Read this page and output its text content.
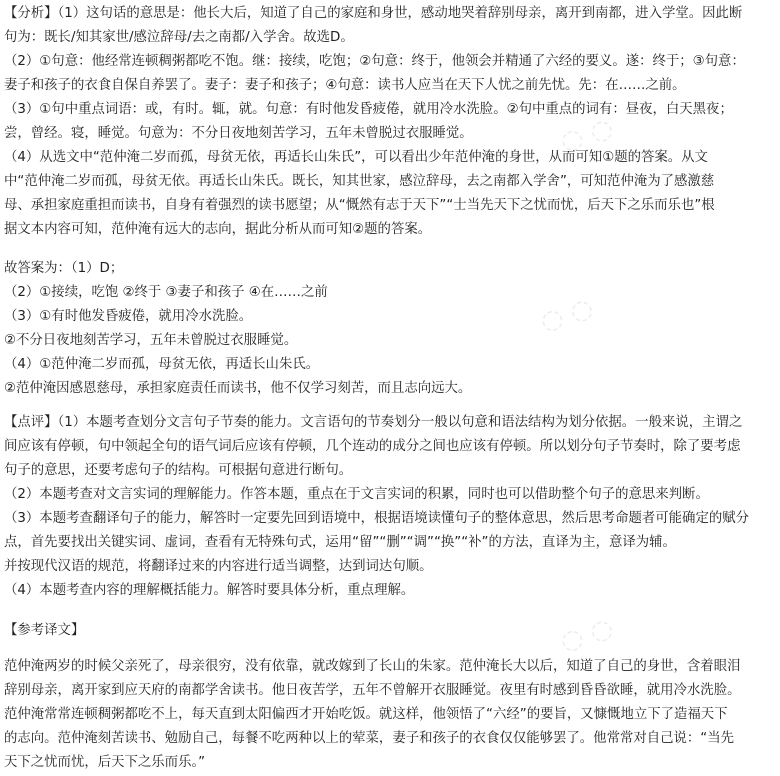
◌ ◌
◌ ◌
◌ ◌
【分析】（1）这句话的意思是：他长大后，知道了自己的家庭和身世，感动地哭着辞别母亲，离开到南都，进入学堂。因此断
句为：既长/知其家世/感泣辞母/去之南都/入学舍。故选D。
（2）①句意：他经常连顿稠粥都吃不饱。继：接续，吃饱；②句意：终于，他领会并精通了六经的要义。遂：终于；③句意：
妻子和孩子的衣食自保自养罢了。妻子：妻子和孩子；④句意：读书人应当在天下人忧之前先忧。先：在……之前。
（3）①句中重点词语：或，有时。辄，就。句意：有时他发昏疲倦，就用冷水洗脸。②句中重点的词有：昼夜，白天黑夜；
尝，曾经。寝，睡觉。句意为：不分日夜地刻苦学习，五年未曾脱过衣服睡觉。
（4）从选文中“范仲淹二岁而孤，母贫无依，再适长山朱氏”，可以看出少年范仲淹的身世，从而可知①题的答案。从文
中“范仲淹二岁而孤，母贫无依。再适长山朱氏。既长，知其世家，感泣辞母，去之南都入学舍”，可知范仲淹为了感激慈
母、承担家庭重担而读书，自身有着强烈的读书愿望；从“慨然有志于天下”“士当先天下之忧而忧，后天下之乐而乐也”根
据文本内容可知，范仲淹有远大的志向，据此分析从而可知②题的答案。
故答案为：（1）D；
（2）①接续，吃饱 ②终于 ③妻子和孩子 ④在……之前
（3）①有时他发昏疲倦，就用冷水洗脸。
②不分日夜地刻苦学习，五年未曾脱过衣服睡觉。
（4）①范仲淹二岁而孤，母贫无依，再适长山朱氏。
②范仲淹因感恩慈母，承担家庭责任而读书，他不仅学习刻苦，而且志向远大。
【点评】（1）本题考查划分文言句子节奏的能力。文言语句的节奏划分一般以句意和语法结构为划分依据。一般来说，主谓之
间应该有停顿，句中领起全句的语气词后应该有停顿，几个连动的成分之间也应该有停顿。所以划分句子节奏时，除了要考虑
句子的意思，还要考虑句子的结构。可根据句意进行断句。
（2）本题考查对文言实词的理解能力。作答本题，重点在于文言实词的积累，同时也可以借助整个句子的意思来判断。
（3）本题考查翻译句子的能力，解答时一定要先回到语境中，根据语境读懂句子的整体意思，然后思考命题者可能确定的赋分
点，首先要找出关键实词、虚词，查看有无特殊句式，运用“留”“删”“调”“换”“补”的方法，直译为主，意译为辅。
并按现代汉语的规范，将翻译过来的内容进行适当调整，达到词达句顺。
（4）本题考查内容的理解概括能力。解答时要具体分析，重点理解。
【参考译文】
范仲淹两岁的时候父亲死了，母亲很穷，没有依靠，就改嫁到了长山的朱家。范仲淹长大以后，知道了自己的身世，含着眼泪
辞别母亲，离开家到应天府的南都学舍读书。他日夜苦学，五年不曾解开衣服睡觉。夜里有时感到昏昏欲睡，就用冷水洗脸。
范仲淹常常连顿稠粥都吃不上，每天直到太阳偏西才开始吃饭。就这样，他领悟了“六经”的要旨，又慷慨地立下了造福天下
的志向。范仲淹刻苦读书、勉励自己，每餐不吃两种以上的荤菜，妻子和孩子的衣食仅仅能够罢了。他常常对自己说：“当先
天下之忧而忧，后天下之乐而乐。”
